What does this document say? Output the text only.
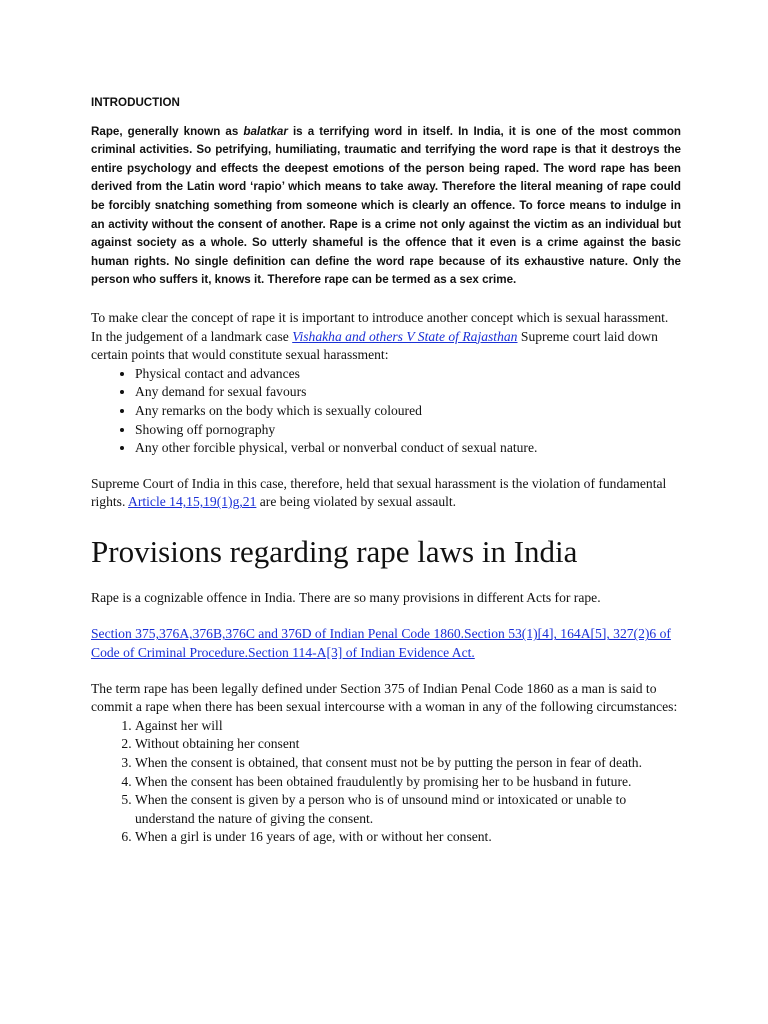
INTRODUCTION

Rape, generally known as balatkar is a terrifying word in itself. In India, it is one of the most common criminal activities. So petrifying, humiliating, traumatic and terrifying the word rape is that it destroys the entire psychology and effects the deepest emotions of the person being raped. The word rape has been derived from the Latin word ‘rapio’ which means to take away. Therefore the literal meaning of rape could be forcibly snatching something from someone which is clearly an offence. To force means to indulge in an activity without the consent of another. Rape is a crime not only against the victim as an individual but against society as a whole. So utterly shameful is the offence that it even is a crime against the basic human rights. No single definition can define the word rape because of its exhaustive nature. Only the person who suffers it, knows it. Therefore rape can be termed as a sex crime.

To make clear the concept of rape it is important to introduce another concept which is sexual harassment. In the judgement of a landmark case Vishakha and others V State of Rajasthan Supreme court laid down certain points that would constitute sexual harassment:

• Physical contact and advances
• Any demand for sexual favours
• Any remarks on the body which is sexually coloured
• Showing off pornography
• Any other forcible physical, verbal or nonverbal conduct of sexual nature.

Supreme Court of India in this case, therefore, held that sexual harassment is the violation of fundamental rights. Article 14,15,19(1)g,21 are being violated by sexual assault.

Provisions regarding rape laws in India

Rape is a cognizable offence in India. There are so many provisions in different Acts for rape.

Section 375,376A,376B,376C and 376D of Indian Penal Code 1860.Section 53(1)[4], 164A[5], 327(2)6 of Code of Criminal Procedure.Section 114-A[3] of Indian Evidence Act.

The term rape has been legally defined under Section 375 of Indian Penal Code 1860 as a man is said to commit a rape when there has been sexual intercourse with a woman in any of the following circumstances:

1. Against her will
2. Without obtaining her consent
3. When the consent is obtained, that consent must not be by putting the person in fear of death.
4. When the consent has been obtained fraudulently by promising her to be husband in future.
5. When the consent is given by a person who is of unsound mind or intoxicated or unable to understand the nature of giving the consent.
6. When a girl is under 16 years of age, with or without her consent.
